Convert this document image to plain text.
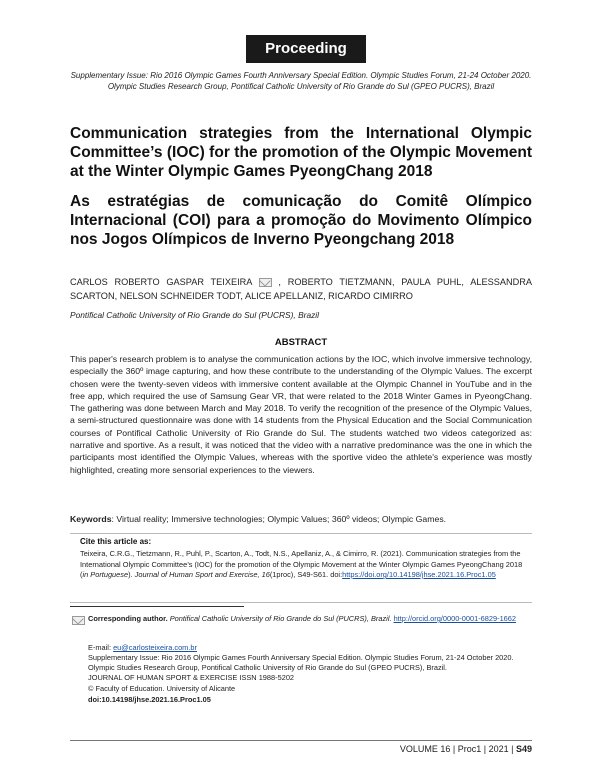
Proceeding
Supplementary Issue: Rio 2016 Olympic Games Fourth Anniversary Special Edition. Olympic Studies Forum, 21-24 October 2020. Olympic Studies Research Group, Pontifical Catholic University of Rio Grande do Sul (GPEO PUCRS), Brazil
Communication strategies from the International Olympic Committee’s (IOC) for the promotion of the Olympic Movement at the Winter Olympic Games PyeongChang 2018
As estratégias de comunicação do Comitê Olímpico Internacional (COI) para a promoção do Movimento Olímpico nos Jogos Olímpicos de Inverno Pyeongchang 2018
CARLOS ROBERTO GASPAR TEIXEIRA	, ROBERTO TIETZMANN, PAULA PUHL, ALESSANDRA SCARTON, NELSON SCHNEIDER TODT, ALICE APELLANIZ, RICARDO CIMIRRO
Pontifical Catholic University of Rio Grande do Sul (PUCRS), Brazil
ABSTRACT
This paper's research problem is to analyse the communication actions by the IOC, which involve immersive technology, especially the 360º image capturing, and how these contribute to the understanding of the Olympic Values. The excerpt chosen were the twenty-seven videos with immersive content available at the Olympic Channel in YouTube and in the free app, which required the use of Samsung Gear VR, that were related to the 2018 Winter Games in PyeongChang. The gathering was done between March and May 2018. To verify the recognition of the presence of the Olympic Values, a semi-structured questionnaire was done with 14 students from the Physical Education and the Social Communication courses of Pontifical Catholic University of Rio Grande do Sul. The students watched two videos categorized as: narrative and sportive. As a result, it was noticed that the video with a narrative predominance was the one in which the participants most identified the Olympic Values, whereas with the sportive video the athlete's experience was mostly highlighted, creating more sensorial experiences to the viewers.
Keywords: Virtual reality; Immersive technologies; Olympic Values; 360º videos; Olympic Games.
Cite this article as:
Teixeira, C.R.G., Tietzmann, R., Puhl, P., Scarton, A., Todt, N.S., Apellaniz, A., & Cimirro, R. (2021). Communication strategies from the International Olympic Committee’s (IOC) for the promotion of the Olympic Movement at the Winter Olympic Games PyeongChang 2018 (in Portuguese). Journal of Human Sport and Exercise, 16(1proc), S49-S61. doi:https://doi.org/10.14198/jhse.2021.16.Proc1.05
Corresponding author. Pontifical Catholic University of Rio Grande do Sul (PUCRS), Brazil. http://orcid.org/0000-0001-6829-1662
E-mail: eu@carlosteixeira.com.br
Supplementary Issue: Rio 2016 Olympic Games Fourth Anniversary Special Edition. Olympic Studies Forum, 21-24 October 2020. Olympic Studies Research Group, Pontifical Catholic University of Rio Grande do Sul (GPEO PUCRS), Brazil.
JOURNAL OF HUMAN SPORT & EXERCISE ISSN 1988-5202
© Faculty of Education. University of Alicante
doi:10.14198/jhse.2021.16.Proc1.05
VOLUME 16 | Proc1 | 2021 | S49
